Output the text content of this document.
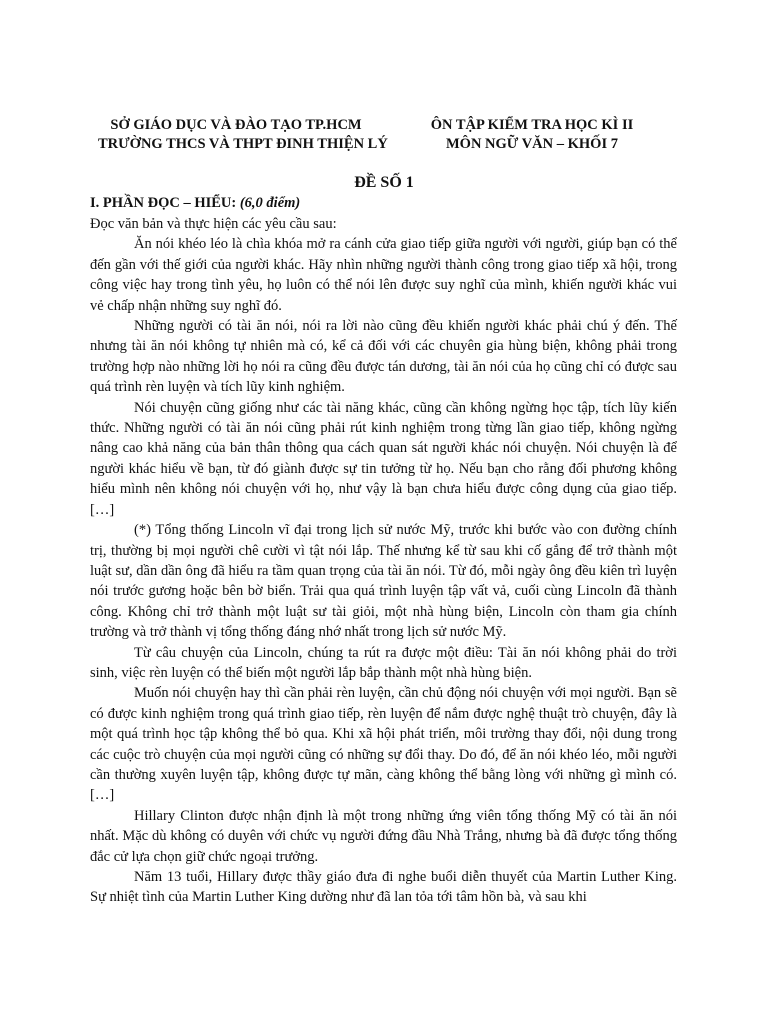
SỞ GIÁO DỤC VÀ ĐÀO TẠO TP.HCM
TRƯỜNG THCS VÀ THPT ĐINH THIỆN LÝ
ÔN TẬP KIỂM TRA HỌC KÌ II
MÔN NGỮ VĂN – KHỐI 7
ĐỀ SỐ 1
I. PHẦN ĐỌC – HIỂU: (6,0 điểm)

Đọc văn bản và thực hiện các yêu cầu sau:

Ăn nói khéo léo là chìa khóa mở ra cánh cửa giao tiếp giữa người với người, giúp bạn có thể đến gần với thế giới của người khác. Hãy nhìn những người thành công trong giao tiếp xã hội, trong công việc hay trong tình yêu, họ luôn có thể nói lên được suy nghĩ của mình, khiến người khác vui vẻ chấp nhận những suy nghĩ đó.

Những người có tài ăn nói, nói ra lời nào cũng đều khiến người khác phải chú ý đến. Thế nhưng tài ăn nói không tự nhiên mà có, kể cả đối với các chuyên gia hùng biện, không phải trong trường hợp nào những lời họ nói ra cũng đều được tán dương, tài ăn nói của họ cũng chỉ có được sau quá trình rèn luyện và tích lũy kinh nghiệm.

Nói chuyện cũng giống như các tài năng khác, cũng cần không ngừng học tập, tích lũy kiến thức. Những người có tài ăn nói cũng phải rút kinh nghiệm trong từng lần giao tiếp, không ngừng nâng cao khả năng của bản thân thông qua cách quan sát người khác nói chuyện. Nói chuyện là để người khác hiểu về bạn, từ đó giành được sự tin tưởng từ họ. Nếu bạn cho rằng đối phương không hiểu mình nên không nói chuyện với họ, như vậy là bạn chưa hiểu được công dụng của giao tiếp. […]

(*) Tổng thống Lincoln vĩ đại trong lịch sử nước Mỹ, trước khi bước vào con đường chính trị, thường bị mọi người chê cười vì tật nói lắp. Thế nhưng kể từ sau khi cố gắng để trở thành một luật sư, dần dần ông đã hiểu ra tầm quan trọng của tài ăn nói. Từ đó, mỗi ngày ông đều kiên trì luyện nói trước gương hoặc bên bờ biển. Trải qua quá trình luyện tập vất vả, cuối cùng Lincoln đã thành công. Không chỉ trở thành một luật sư tài giỏi, một nhà hùng biện, Lincoln còn tham gia chính trường và trở thành vị tổng thống đáng nhớ nhất trong lịch sử nước Mỹ.

Từ câu chuyện của Lincoln, chúng ta rút ra được một điều: Tài ăn nói không phải do trời sinh, việc rèn luyện có thể biến một người lắp bắp thành một nhà hùng biện.

Muốn nói chuyện hay thì cần phải rèn luyện, cần chủ động nói chuyện với mọi người. Bạn sẽ có được kinh nghiệm trong quá trình giao tiếp, rèn luyện để nắm được nghệ thuật trò chuyện, đây là một quá trình học tập không thể bỏ qua. Khi xã hội phát triển, môi trường thay đổi, nội dung trong các cuộc trò chuyện của mọi người cũng có những sự đổi thay. Do đó, để ăn nói khéo léo, mỗi người cần thường xuyên luyện tập, không được tự mãn, càng không thể bằng lòng với những gì mình có. […]

Hillary Clinton được nhận định là một trong những ứng viên tổng thống Mỹ có tài ăn nói nhất. Mặc dù không có duyên với chức vụ người đứng đầu Nhà Trắng, nhưng bà đã được tổng thống đắc cử lựa chọn giữ chức ngoại trưởng.

Năm 13 tuổi, Hillary được thầy giáo đưa đi nghe buổi diễn thuyết của Martin Luther King. Sự nhiệt tình của Martin Luther King dường như đã lan tỏa tới tâm hồn bà, và sau khi
